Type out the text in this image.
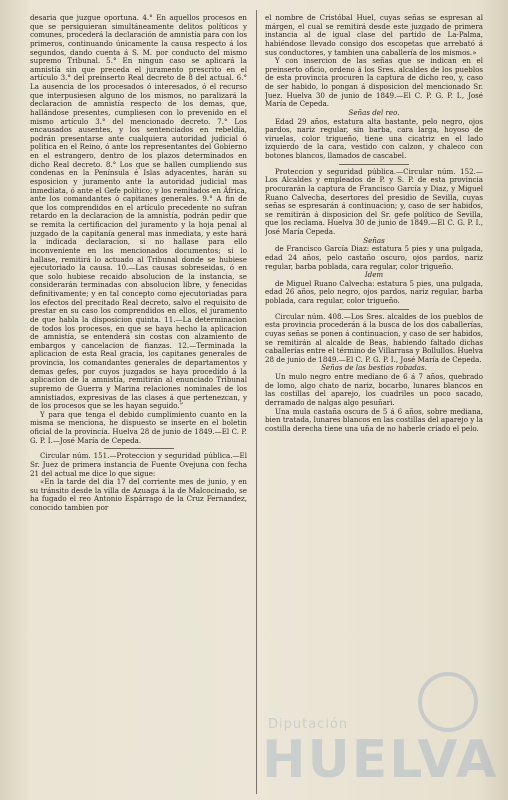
desaria que juzgue oportuna. 4.° En aquellos procesos en que se persiguieran simultáneamente delitos políticos y comunes, procederá la declaración de amnistía para con los primeros, continuando únicamente la causa respecto á los segundos, dando cuenta á S. M. por conducto del mismo supremo Tribunal. 5.° En ningun caso se aplicará la amnistía sin que preceda el juramento prescrito en el artículo 3.° del preinserto Real decreto de 8 del actual. 6.° La ausencia de los procesados ó interesados, ó el recurso que interpusiesen alguno de los mismos, no paralizará la declaracion de amnistía respecto de los demas, que, hallándose presentes, cumpliesen con lo prevenido en el mismo artículo 3.° del mencionado decreto. 7.° Los encausados ausentes, y los sentenciados en rebeldía, podrán presentarse ante cualquiera autoridad judicial ó política en el Reino, ó ante los representantes del Gobierno en el estrangero, dentro de los plazos determinados en dicho Real decreto. 8.° Los que se hallen cumpliendo sus condenas en la Península é Islas adyacentes, harán su esposicion y juramento ante la autoridad judicial mas inmediata, ó ante el Gefe político; y los remitados en África, ante los comandantes ó capitanes generales. 9.° A fin de que los comprendidos en el artículo precedente no sufran retardo en la declaracion de la amnistía, podrán pedir que se remita la certificacion del juramento y la hoja penal al juzgado de la capitanía general mas inmediata, y este hará la indicada declaracion, si no hallase para ello inconveniente en los mencionados documentos; si lo hallase, remitirá lo actuado al Tribunal donde se hubiese ejecutoriado la causa. 10.—Las causas sobreseidas, ó en que solo hubiese recaido absolucion de la instancia, se considerarán terminadas con absolucion libre, y fenecidas definitivamente; y en tal concepto como ejecutoriadas para los efectos del precitado Real decreto, salvo el requisito de prestar en su caso los comprendidos en ellos, el juramento de que habla la disposicion quinta. 11.—La determinacion de todos los procesos, en que se haya hecho la aplicacion de amnistía, se entenderá sin costas con alzamiento de embargos y cancelacion de fianzas. 12.—Terminada la aplicacion de esta Real gracia, los capitanes generales de provincia, los comandantes generales de departamentos y demas gefes, por cuyos juzgados se haya procedido á la aplicacion de la amnistía, remitirán al enunciado Tribunal supremo de Guerra y Marina relaciones nominales de los amnistiados, expresivas de las clases á que pertenezcan, y de los procesos que se les hayan seguido.”

Y para que tenga el debido cumplimiento cuanto en la misma se menciona, he dispuesto se inserte en el boletin oficial de la provincia. Huelva 28 de junio de 1849.—El C. P. G. P. I.—José María de Cepeda.

Circular núm. 151.—Proteccion y seguridad pública.—El Sr. Juez de primera instancia de Fuente Ovejuna con fecha 21 del actual me dice lo que sigue:

«En la tarde del dia 17 del corriente mes de junio, y en su tránsito desde la villa de Azuaga á la de Malcocinado, se ha fugado el reo Antonio Espárrago de la Cruz Fernandez, conocido tambien por

el nombre de Cristóbal Huel, cuyas señas se espresan al márgen, el cual se remitirá desde este juzgado de primera instancia al de igual clase del partido de La-Palma, habiéndose llevado consigo dos escopetas que arrebató á sus conductores, y tambien una caballería de los mismos.»

Y con insercion de las señas que se indican en el preinserto oficio, ordeno á los Sres. alcaldes de los pueblos de esta provincia procuren la captura de dicho reo, y, caso de ser habido, lo pongan á disposicion del mencionado Sr. Juez. Huelva 30 de junio de 1849.—El C. P. G. P. I., José María de Cepeda.

Señas del reo.

Edad 29 años, estatura alta bastante, pelo negro, ojos pardos, nariz regular, sin barba, cara larga, hoyoso de viruelas, color trigueño, tiene una cicatriz en el lado izquierdo de la cara, vestido con calzon, y chaleco con botones blancos, llamados de cascabel.

Proteccion y seguridad pública.—Circular núm. 152.—Los Alcaldes y empleados de P. y S. P. de esta provincia procurarán la captura de Francisco García y Diaz, y Miguel Ruano Calvecha, desertores del presidio de Sevilla, cuyas señas se espresarán á continuacion; y, caso de ser habidos, se remitirán á disposicion del Sr. gefe político de Sevilla, que los reclama. Huelva 30 de junio de 1849.—El C. G. P. I., José María Cepeda.

Señas

de Francisco García Diaz: estatura 5 pies y una pulgada, edad 24 años, pelo castaño oscuro, ojos pardos, nariz regular, barba poblada, cara regular, color trigueño.

Idem

de Miguel Ruano Calvecha: estatura 5 pies, una pulgada, edad 26 años, pelo negro, ojos pardos, nariz regular, barba poblada, cara regular, color trigueño.

Circular núm. 408.—Los Sres. alcaldes de los pueblos de esta provincia procederán á la busca de los dos caballerías, cuyas señas se ponen á continuacion, y caso de ser habidos, se remitirán al alcalde de Beas, habiendo faltado dichas caballerías entre el término de Villarrasa y Bollullos. Huelva 28 de junio de 1849.—El C. P. G. P. I., José María de Cepeda.

Señas de las bestias robadas.

Un mulo negro entre mediano de 6 á 7 años, quebrado de lomo, algo chato de nariz, bocarbo, lunares blancos en las costillas del aparejo, los cuadriles un poco sacado, derramado de nalgas algo pesuñari.

Una mula castaña oscura de 5 á 6 años, sobre mediana, bien tratada, lunares blancos en las costillas del aparejo y la costilla derecha tiene una uña de no haberle criado el pelo.

Diputación
HUELVA
